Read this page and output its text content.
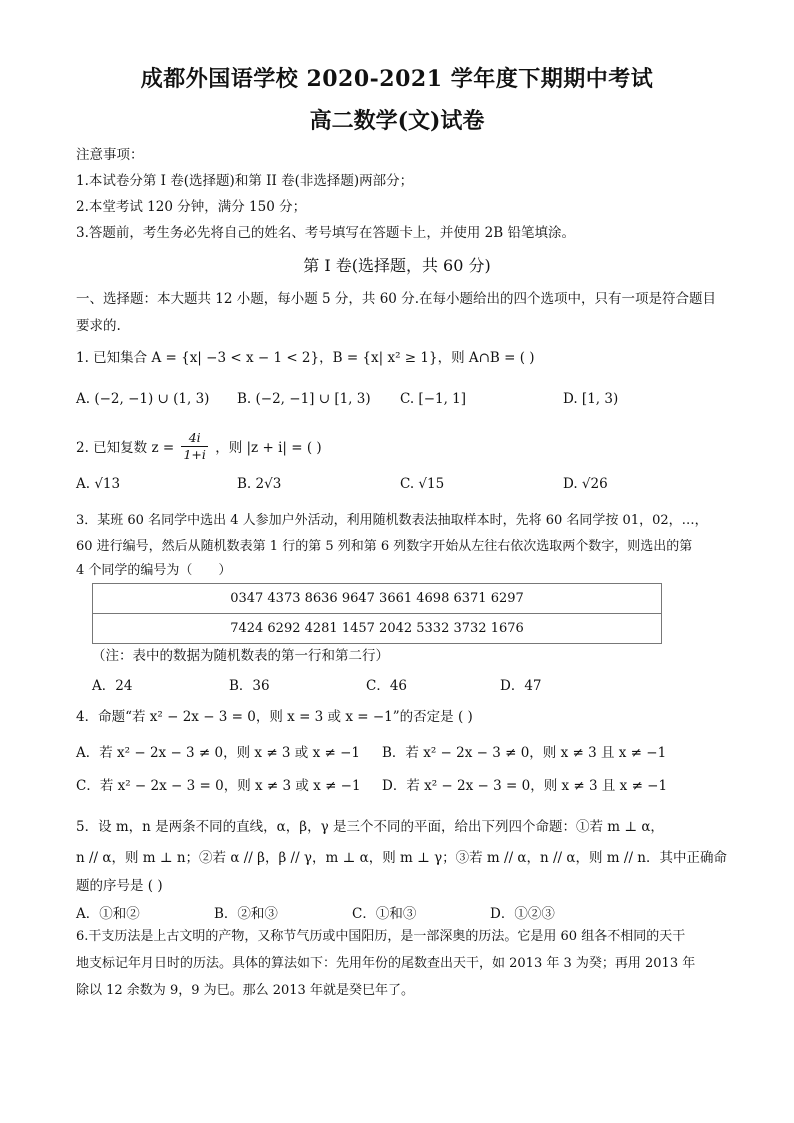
成都外国语学校 2020-2021 学年度下期期中考试
高二数学(文)试卷
注意事项：
1.本试卷分第 I 卷(选择题)和第 II 卷(非选择题)两部分；
2.本堂考试 120 分钟，满分 150 分；
3.答题前，考生务必先将自己的姓名、考号填写在答题卡上，并使用 2B 铅笔填涂。
第 I 卷(选择题，共 60 分)
一、选择题：本大题共 12 小题，每小题 5 分，共 60 分.在每小题给出的四个选项中，只有一项是符合题目要求的.
1. 已知集合 A = {x| −3 < x − 1 < 2}，B = {x| x² ≥ 1}，则 A∩B = ( )
A. (−2, −1) ∪ (1, 3) B. (−2, −1] ∪ [1, 3) C. [−1, 1]	D. [1, 3)
2. 已知复数 $z = \frac{4i}{1+i}$ ，则 |z + i| = ( )
A. √13	B. 2√3	C. √15	D. √26
3．某班 60 名同学中选出 4 人参加户外活动，利用随机数表法抽取样本时，先将 60 名同学按 01，02，…，
60 进行编号，然后从随机数表第 1 行的第 5 列和第 6 列数字开始从左往右依次选取两个数字，则选出的第
4 个同学的编号为（　　）
0347 4373 8636 9647 3661 4698 6371 6297
7424 6292 4281 1457 2042 5332 3732 1676
（注：表中的数据为随机数表的第一行和第二行）
A．24	B．36	C．46	D．47
4．命题“若 x² − 2x − 3 = 0，则 x = 3 或 x = −1”的否定是 ( )
A．若 x² − 2x − 3 ≠ 0，则 x ≠ 3 或 x ≠ −1 B．若 x² − 2x − 3 ≠ 0，则 x ≠ 3 且 x ≠ −1
C．若 x² − 2x − 3 = 0，则 x ≠ 3 或 x ≠ −1 D．若 x² − 2x − 3 = 0，则 x ≠ 3 且 x ≠ −1
5．设 m，n 是两条不同的直线，α，β，γ 是三个不同的平面，给出下列四个命题：①若 m ⊥ α，
n // α，则 m ⊥ n；②若 α // β，β // γ，m ⊥ α，则 m ⊥ γ；③若 m // α，n // α，则 m // n．其中正确命
题的序号是 ( )
A．①和②	B．②和③	C．①和③	D．①②③
6.干支历法是上古文明的产物，又称节气历或中国阳历，是一部深奥的历法。它是用 60 组各不相同的天干
地支标记年月日时的历法。具体的算法如下：先用年份的尾数查出天干，如 2013 年 3 为癸；再用 2013 年
除以 12 余数为 9，9 为巳。那么 2013 年就是癸巳年了。
